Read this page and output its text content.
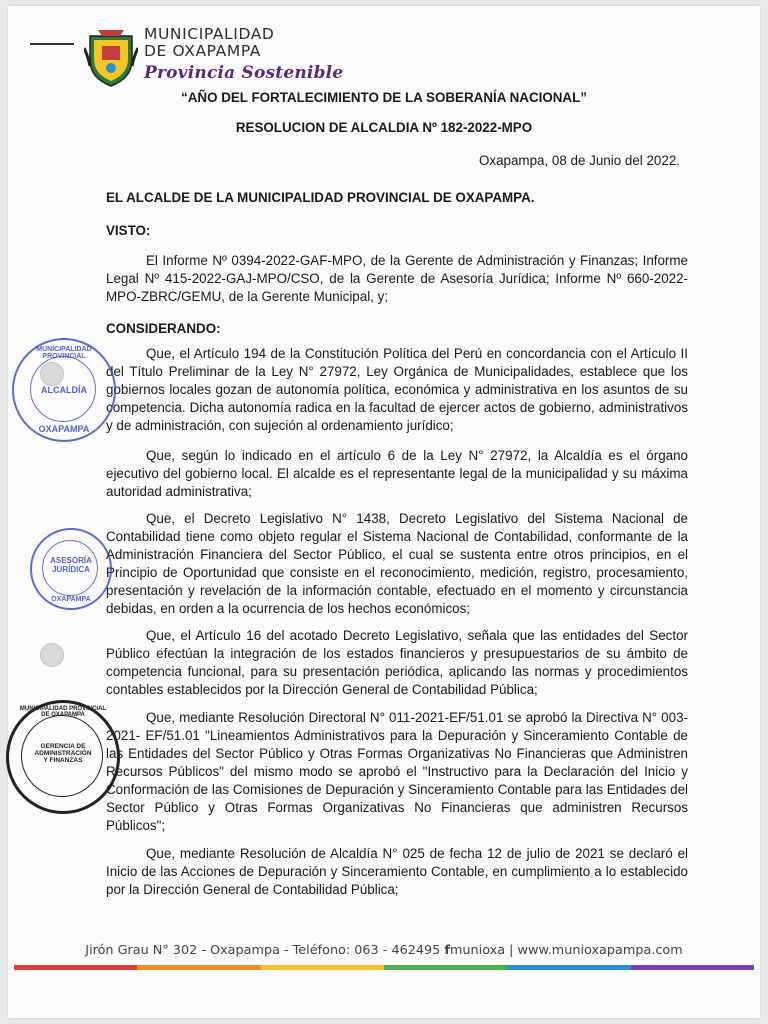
MUNICIPALIDAD
DE OXAPAMPA
Provincia Sostenible
“AÑO DEL FORTALECIMIENTO DE LA SOBERANÍA NACIONAL”
RESOLUCION DE ALCALDIA Nº 182-2022-MPO
Oxapampa, 08 de Junio del 2022.
EL ALCALDE DE LA MUNICIPALIDAD PROVINCIAL DE OXAPAMPA.
VISTO:
El Informe Nº 0394-2022-GAF-MPO, de la Gerente de Administración y Finanzas; Informe Legal Nº 415-2022-GAJ-MPO/CSO, de la Gerente de Asesoría Jurídica; Informe Nº 660-2022-MPO-ZBRC/GEMU, de la Gerente Municipal, y;
CONSIDERANDO:
Que, el Artículo 194 de la Constitución Política del Perú en concordancia con el Artículo II del Título Preliminar de la Ley N° 27972, Ley Orgánica de Municipalidades, establece que los gobiernos locales gozan de autonomía política, económica y administrativa en los asuntos de su competencia. Dicha autonomía radica en la facultad de ejercer actos de gobierno, administrativos y de administración, con sujeción al ordenamiento jurídico;
Que, según lo indicado en el artículo 6 de la Ley N° 27972, la Alcaldía es el órgano ejecutivo del gobierno local. El alcalde es el representante legal de la municipalidad y su máxima autoridad administrativa;
Que, el Decreto Legislativo N° 1438, Decreto Legislativo del Sistema Nacional de Contabilidad tiene como objeto regular el Sistema Nacional de Contabilidad, conformante de la Administración Financiera del Sector Público, el cual se sustenta entre otros principios, en el Principio de Oportunidad que consiste en el reconocimiento, medición, registro, procesamiento, presentación y revelación de la información contable, efectuado en el momento y circunstancia debidas, en orden a la ocurrencia de los hechos económicos;
Que, el Artículo 16 del acotado Decreto Legislativo, señala que las entidades del Sector Público efectúan la integración de los estados financieros y presupuestarios de su ámbito de competencia funcional, para su presentación periódica, aplicando las normas y procedimientos contables establecidos por la Dirección General de Contabilidad Pública;
Que, mediante Resolución Directoral N° 011-2021-EF/51.01 se aprobó la Directiva N° 003-2021- EF/51.01 "Lineamientos Administrativos para la Depuración y Sinceramiento Contable de las Entidades del Sector Público y Otras Formas Organizativas No Financieras que Administren Recursos Públicos" del mismo modo se aprobó el "Instructivo para la Declaración del Inicio y Conformación de las Comisiones de Depuración y Sinceramiento Contable para las Entidades del Sector Público y Otras Formas Organizativas No Financieras que administren Recursos Públicos";
Que, mediante Resolución de Alcaldía N° 025 de fecha 12 de julio de 2021 se declaró el Inicio de las Acciones de Depuración y Sinceramiento Contable, en cumplimiento a lo establecido por la Dirección General de Contabilidad Pública;
MUNICIPALIDAD PROVINCIAL
ALCALDÍA
OXAPAMPA
ASESORÍA JURÍDICA
OXAPAMPA
MUNICIPALIDAD PROVINCIAL DE OXAPAMPA
GERENCIA DE ADMINISTRACIÓN Y FINANZAS
Jirón Grau N° 302 - Oxapampa - Teléfono: 063 - 462495 fmunioxa | www.munioxapampa.com
